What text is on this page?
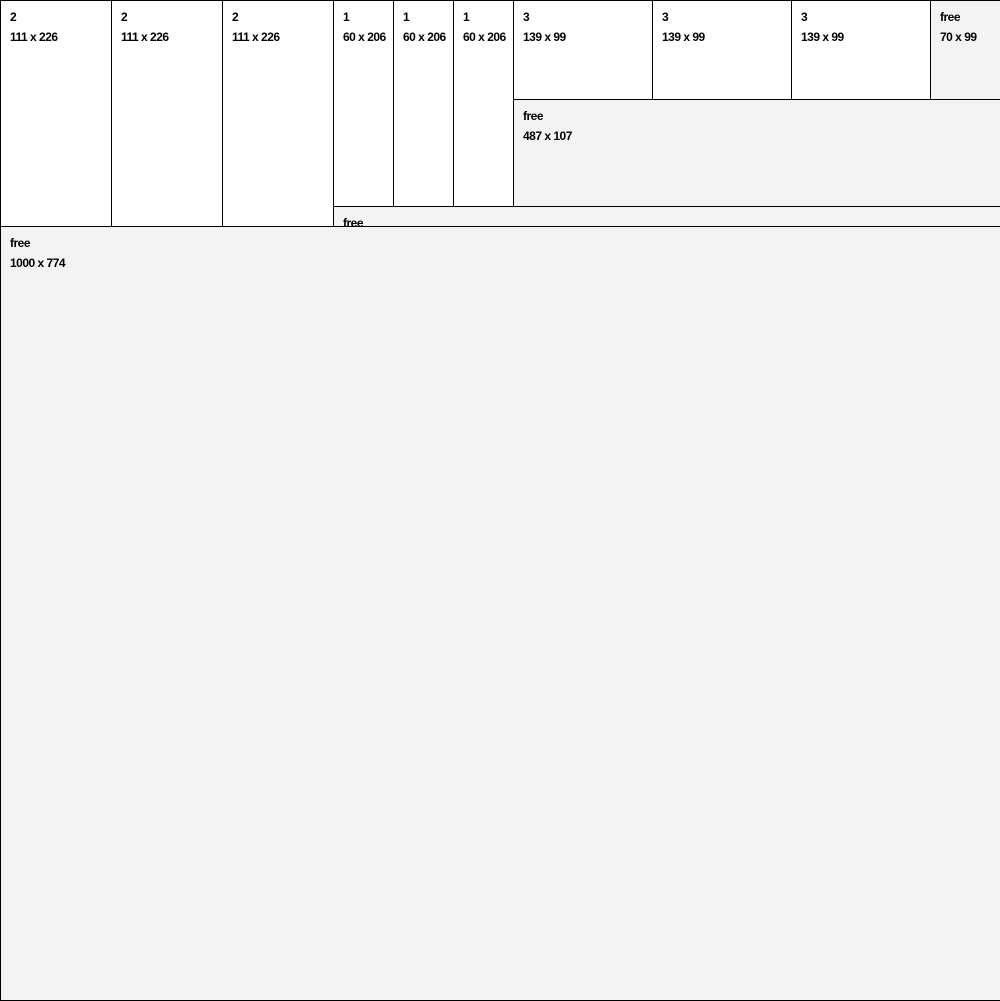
2
111 x 226
2
111 x 226
2
111 x 226
1
60 x 206
1
60 x 206
1
60 x 206
3
139 x 99
3
139 x 99
3
139 x 99
free
70 x 99
free
487 x 107
free
free
1000 x 774
